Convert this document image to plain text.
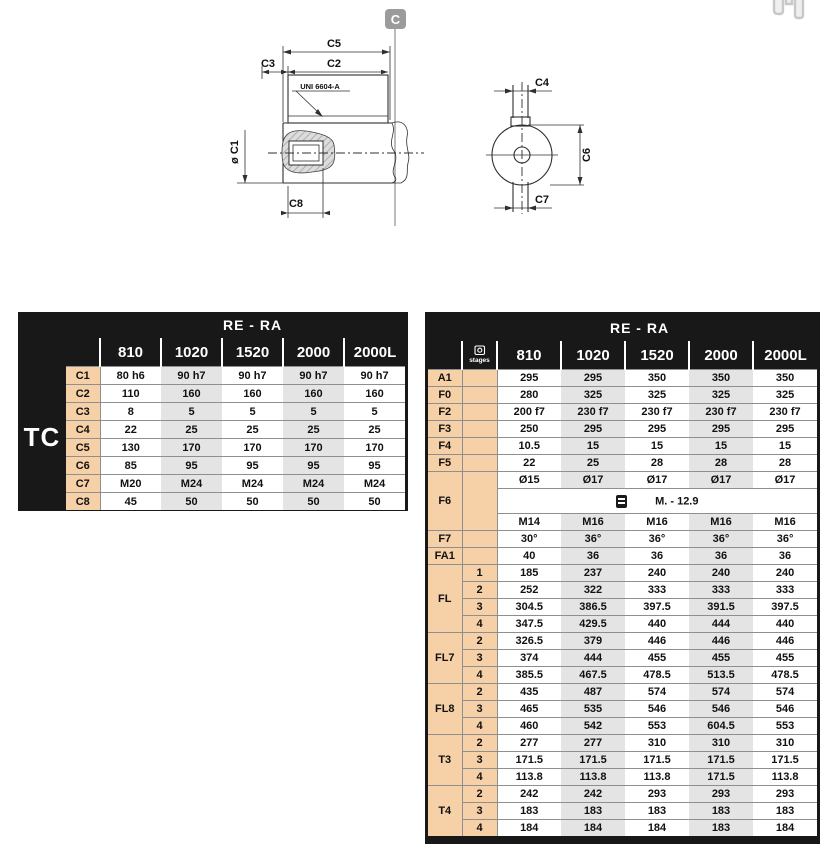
C
C5
C3	C2
UNI 6604-A
ø C1
C8
C4
C6
C7
TC
	RE - RA				
	810	1020	1520	2000	2000L
C1	80 h6	90 h7	90 h7	90 h7	90 h7
C2	110	160	160	160	160
C3	8	5	5	5	5
C4	22	25	25	25	25
C5	130	170	170	170	170
C6	85	95	95	95	95
C7	M20	M24	M24	M24	M24
C8	45	50	50	50	50
	RE - RA					

stages	810	1020	1520	2000	2000L
A1		295	295	350	350	350
F0		280	325	325	325	325
F2		200 f7	230 f7	230 f7	230 f7	230 f7
F3		250	295	295	295	295
F4		10.5	15	15	15	15
F5		22	25	28	28	28
F6		Ø15	Ø17	Ø17	Ø17	Ø17

M. - 12.9				
		M14	M16	M16	M16	M16
F7		30°	36°	36°	36°	36°
FA1		40	36	36	36	36
FL	1	185	237	240	240	240
	2	252	322	333	333	333
	3	304.5	386.5	397.5	391.5	397.5
	4	347.5	429.5	440	444	440
FL7	2	326.5	379	446	446	446
	3	374	444	455	455	455
	4	385.5	467.5	478.5	513.5	478.5
FL8	2	435	487	574	574	574
	3	465	535	546	546	546
	4	460	542	553	604.5	553
T3	2	277	277	310	310	310
	3	171.5	171.5	171.5	171.5	171.5
	4	113.8	113.8	113.8	171.5	113.8
T4	2	242	242	293	293	293
	3	183	183	183	183	183
	4	184	184	184	183	184
